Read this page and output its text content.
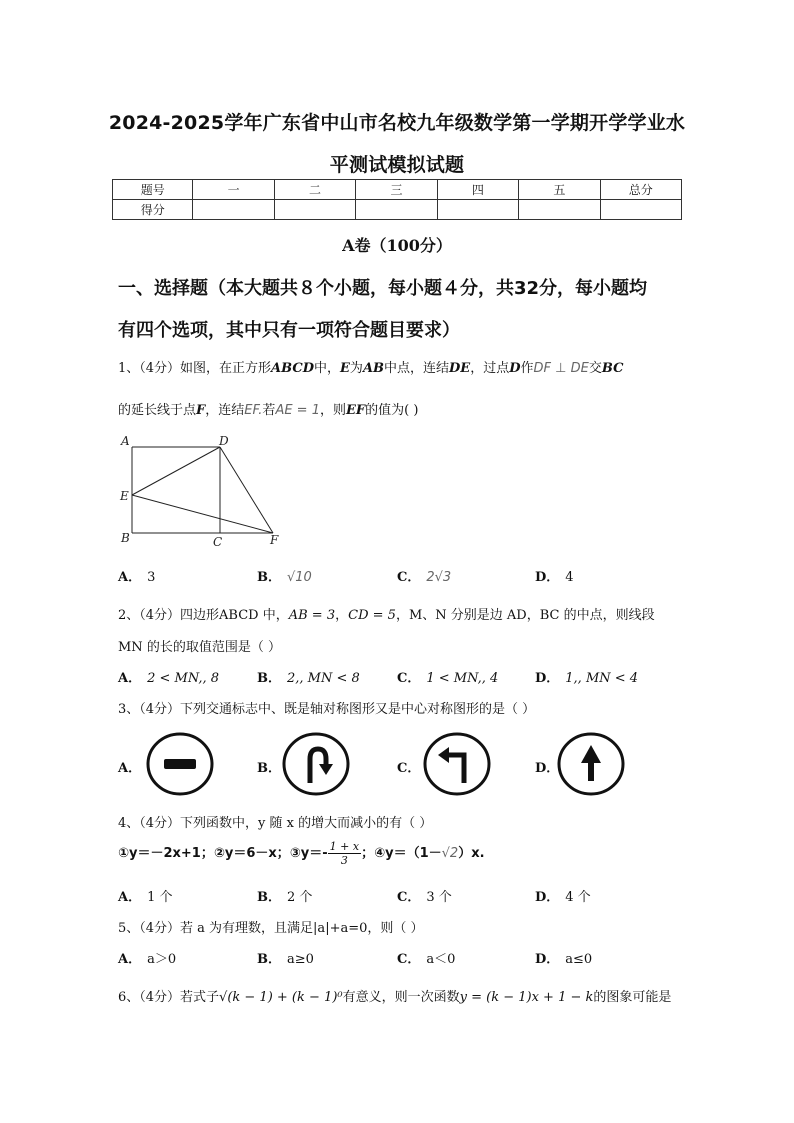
2024-2025学年广东省中山市名校九年级数学第一学期开学学业水
平测试模拟试题
题号	一	二	三	四	五	总分
得分						
A卷（100分）
一、选择题（本大题共８个小题，每小题４分，共32分，每小题均
有四个选项，其中只有一项符合题目要求）
1、（4分）如图，在正方形ABCD中，E为AB中点，连结DE，过点D作DF ⊥ DE交BC
的延长线于点F，连结EF.若AE = 1，则EF的值为( )
A	D
E
B	C	F
A． 3	B． √10	C． 2√3	D． 4
2、（4分）四边形ABCD 中，AB = 3，CD = 5，M、N 分别是边 AD，BC 的中点，则线段
MN 的长的取值范围是（ ）
A． 2 < MN,, 8	B． 2,, MN < 8	C． 1 < MN,, 4	D． 1,, MN < 4
3、（4分）下列交通标志中、既是轴对称图形又是中心对称图形的是（ ）
A．	B．	C．	D．
4、（4分）下列函数中，y 随 x 的增大而减小的有（ ）
①y＝－2x+1；②y＝6－x；③y＝- $\frac{1 + x}{3}$ ；④y＝（1－√2）x.
A． 1 个	B． 2 个	C． 3 个	D． 4 个
5、（4分）若 a 为有理数，且满足|a|+a=0，则（ ）
A． a＞0	B． a≥0	C． a＜0	D． a≤0
6、（4分）若式子√(k − 1) + (k − 1)⁰有意义，则一次函数y = (k − 1)x + 1 − k的图象可能是
